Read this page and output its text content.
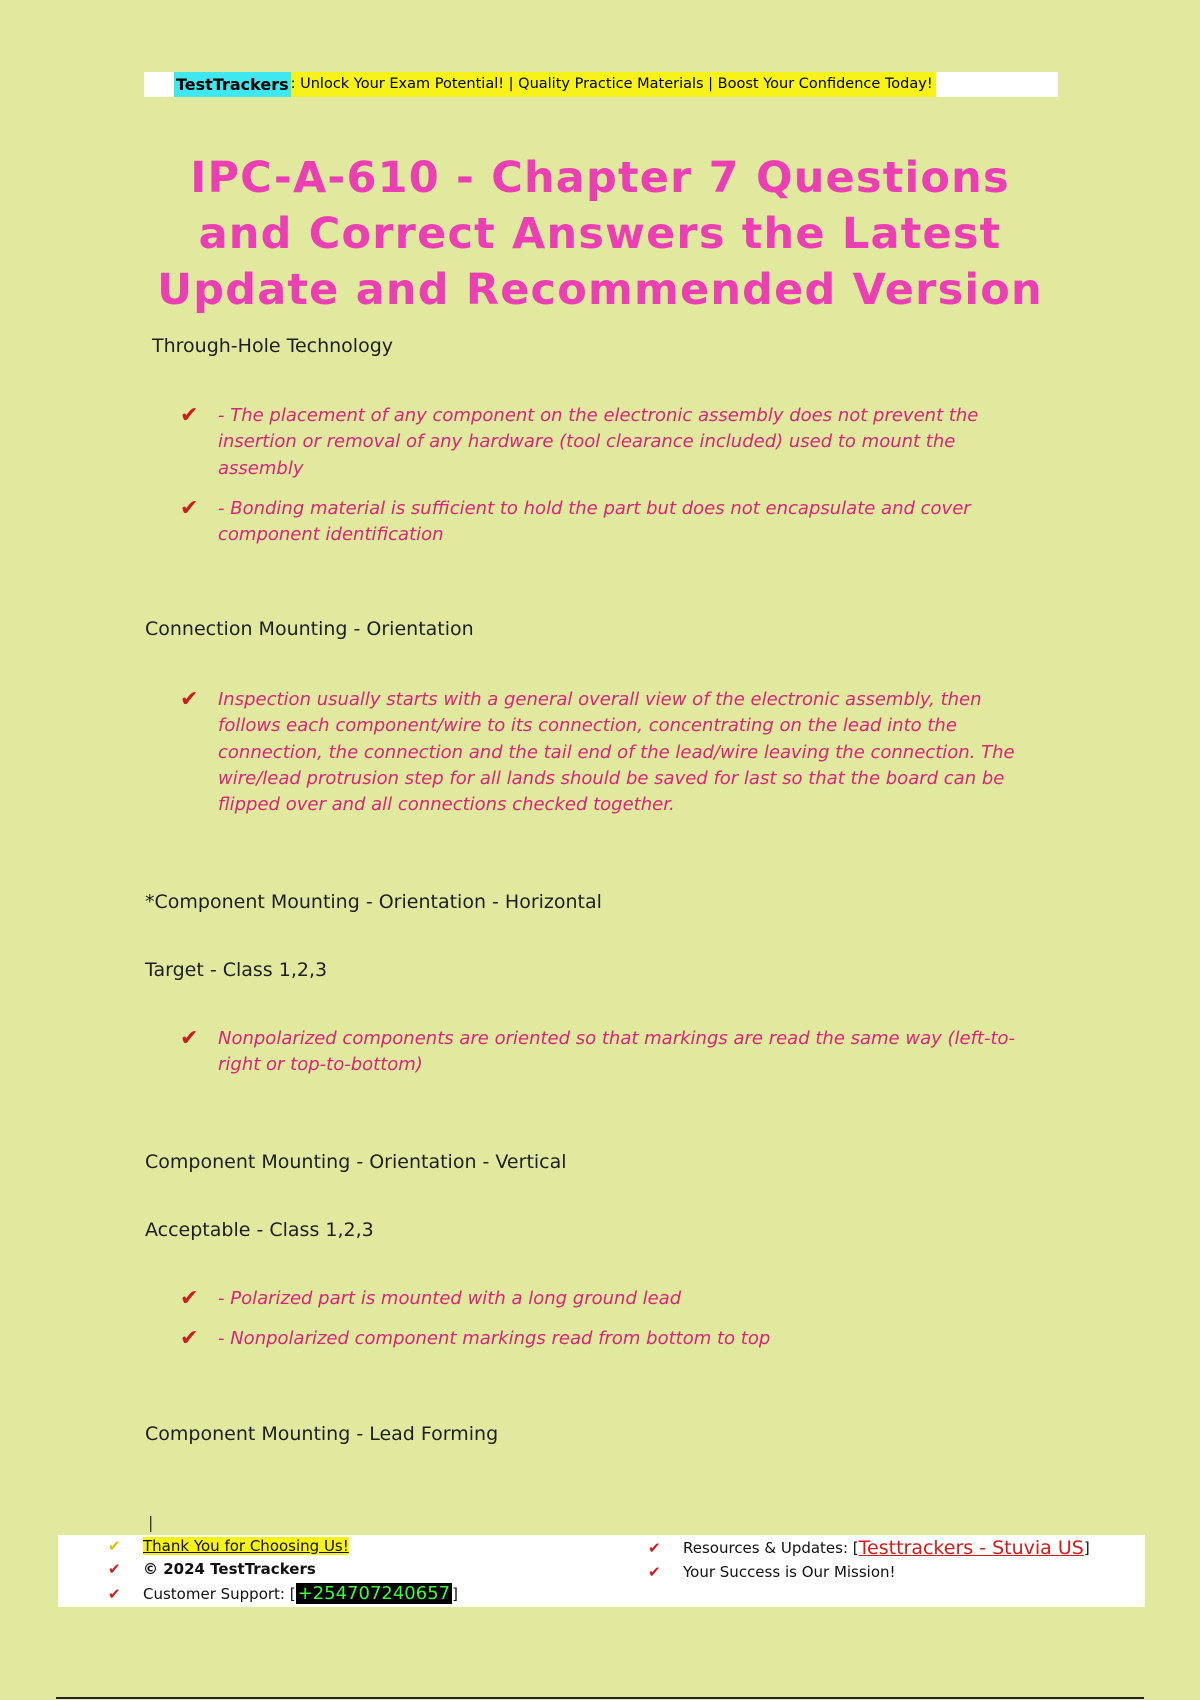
TestTrackers : Unlock Your Exam Potential! | Quality Practice Materials | Boost Your Confidence Today!
IPC-A-610 - Chapter 7 Questions and Correct Answers the Latest Update and Recommended Version
Through-Hole Technology
✔ - The placement of any component on the electronic assembly does not prevent the insertion or removal of any hardware (tool clearance included) used to mount the assembly
✔ - Bonding material is sufficient to hold the part but does not encapsulate and cover component identification
Connection Mounting - Orientation
✔ Inspection usually starts with a general overall view of the electronic assembly, then follows each component/wire to its connection, concentrating on the lead into the connection, the connection and the tail end of the lead/wire leaving the connection. The wire/lead protrusion step for all lands should be saved for last so that the board can be flipped over and all connections checked together.
*Component Mounting - Orientation - Horizontal
Target - Class 1,2,3
✔ Nonpolarized components are oriented so that markings are read the same way (left-to-right or top-to-bottom)
Component Mounting - Orientation - Vertical
Acceptable - Class 1,2,3
✔ - Polarized part is mounted with a long ground lead
✔ - Nonpolarized component markings read from bottom to top
Component Mounting - Lead Forming
|
✔	Thank You for Choosing Us!
✔	© 2024 TestTrackers
✔	Customer Support: [ +254707240657 ]
✔	Resources & Updates: [ Testtrackers - Stuvia US ]
✔	Your Success is Our Mission!
